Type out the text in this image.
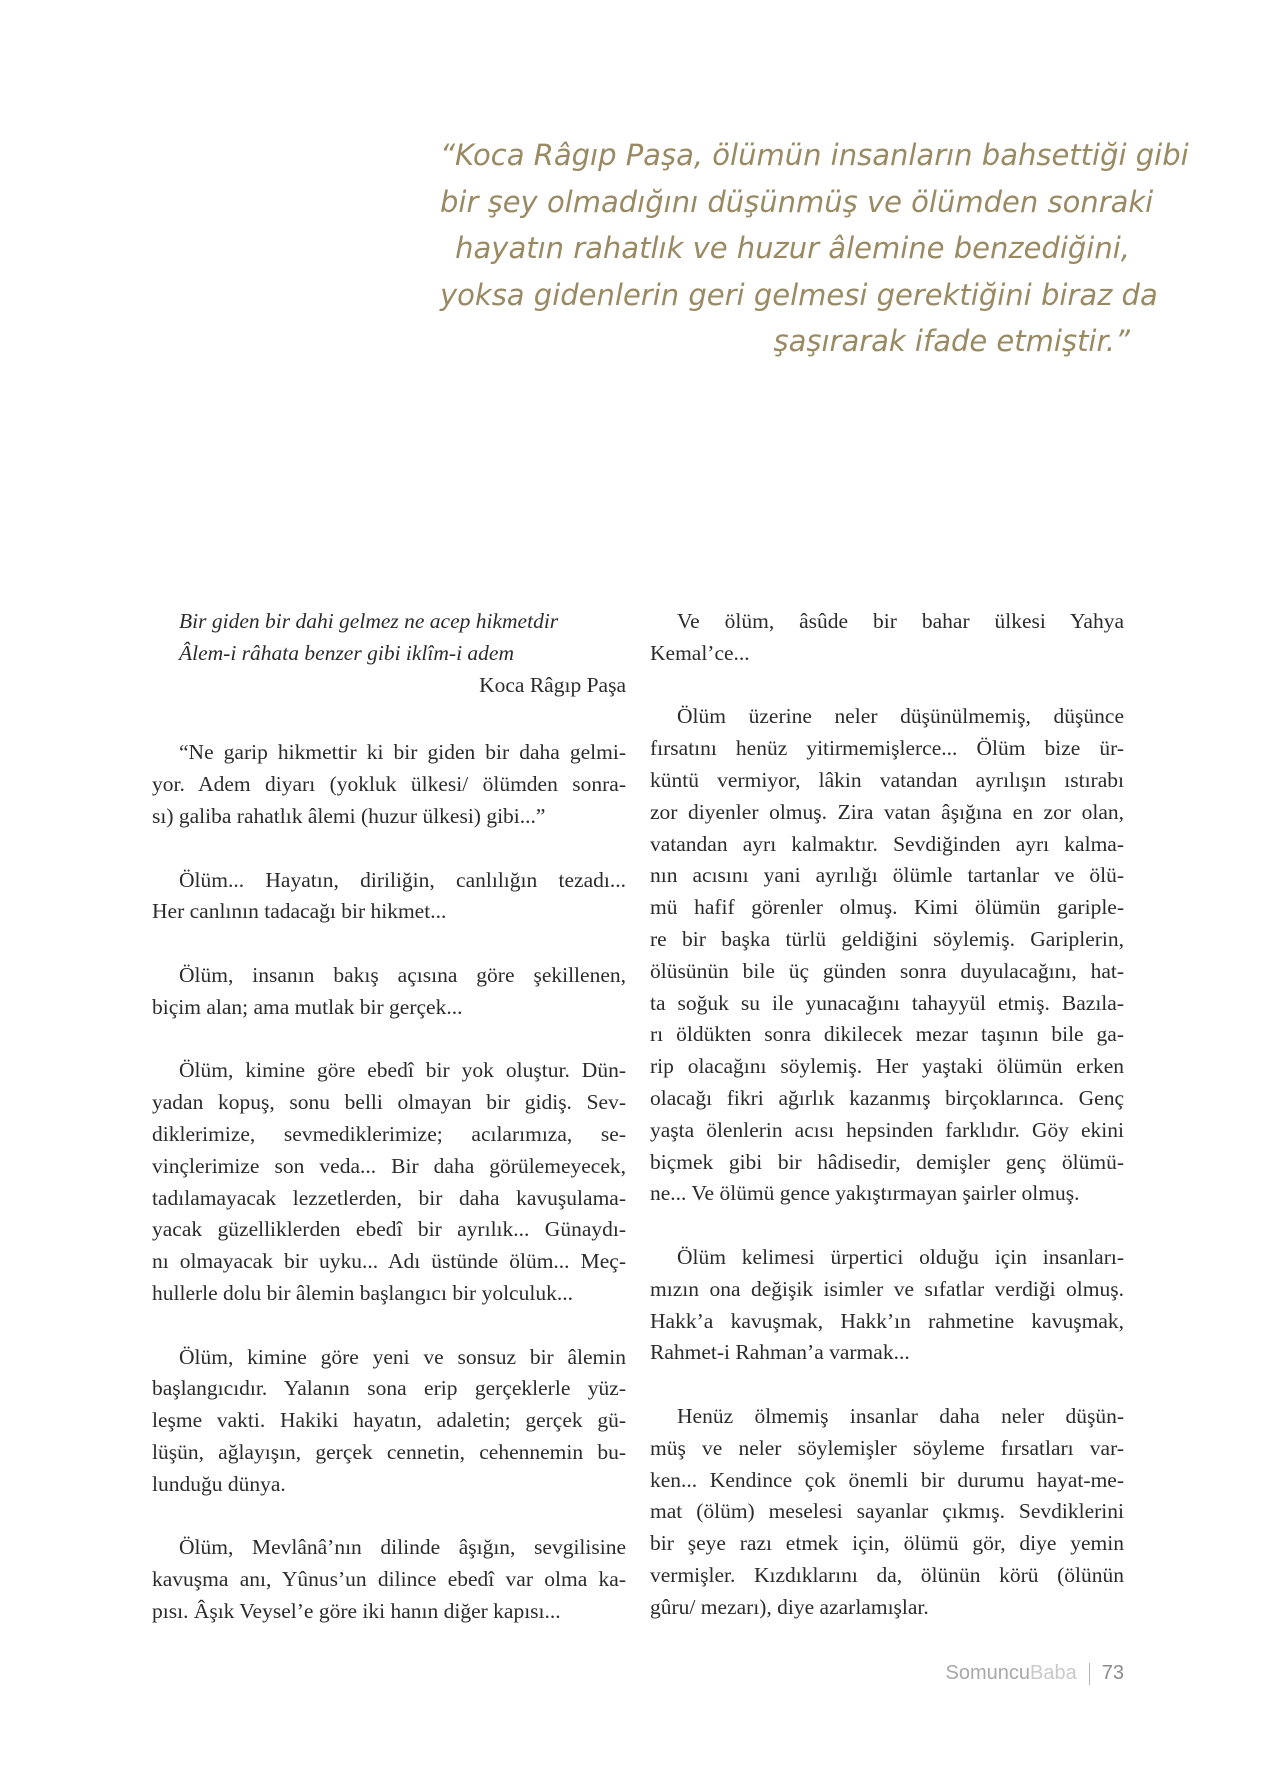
“Koca Râgıp Paşa, ölümün insanların bahsettiği gibi
bir şey olmadığını düşünmüş ve ölümden sonraki
hayatın rahatlık ve huzur âlemine benzediğini,
yoksa gidenlerin geri gelmesi gerektiğini biraz da
şaşırarak ifade etmiştir.”
Bir giden bir dahi gelmez ne acep hikmetdir
Âlem-i râhata benzer gibi iklîm-i adem
Koca Râgıp Paşa
“Ne garip hikmettir ki bir giden bir daha gelmi-
yor. Adem diyarı (yokluk ülkesi/ ölümden sonra-
sı) galiba rahatlık âlemi (huzur ülkesi) gibi...”
Ölüm... Hayatın, diriliğin, canlılığın tezadı...
Her canlının tadacağı bir hikmet...
Ölüm, insanın bakış açısına göre şekillenen,
biçim alan; ama mutlak bir gerçek...
Ölüm, kimine göre ebedî bir yok oluştur. Dün-
yadan kopuş, sonu belli olmayan bir gidiş. Sev-
diklerimize, sevmediklerimize; acılarımıza, se-
vinçlerimize son veda... Bir daha görülemeyecek,
tadılamayacak lezzetlerden, bir daha kavuşulama-
yacak güzelliklerden ebedî bir ayrılık... Günaydı-
nı olmayacak bir uyku... Adı üstünde ölüm... Meç-
hullerle dolu bir âlemin başlangıcı bir yolculuk...
Ölüm, kimine göre yeni ve sonsuz bir âlemin
başlangıcıdır. Yalanın sona erip gerçeklerle yüz-
leşme vakti. Hakiki hayatın, adaletin; gerçek gü-
lüşün, ağlayışın, gerçek cennetin, cehennemin bu-
lunduğu dünya.
Ölüm, Mevlânâ’nın dilinde âşığın, sevgilisine
kavuşma anı, Yûnus’un dilince ebedî var olma ka-
pısı. Âşık Veysel’e göre iki hanın diğer kapısı...
Ve ölüm, âsûde bir bahar ülkesi Yahya
Kemal’ce...
Ölüm üzerine neler düşünülmemiş, düşünce
fırsatını henüz yitirmemişlerce... Ölüm bize ür-
küntü vermiyor, lâkin vatandan ayrılışın ıstırabı
zor diyenler olmuş. Zira vatan âşığına en zor olan,
vatandan ayrı kalmaktır. Sevdiğinden ayrı kalma-
nın acısını yani ayrılığı ölümle tartanlar ve ölü-
mü hafif görenler olmuş. Kimi ölümün gariple-
re bir başka türlü geldiğini söylemiş. Gariplerin,
ölüsünün bile üç günden sonra duyulacağını, hat-
ta soğuk su ile yunacağını tahayyül etmiş. Bazıla-
rı öldükten sonra dikilecek mezar taşının bile ga-
rip olacağını söylemiş. Her yaştaki ölümün erken
olacağı fikri ağırlık kazanmış birçoklarınca. Genç
yaşta ölenlerin acısı hepsinden farklıdır. Göy ekini
biçmek gibi bir hâdisedir, demişler genç ölümü-
ne... Ve ölümü gence yakıştırmayan şairler olmuş.
Ölüm kelimesi ürpertici olduğu için insanları-
mızın ona değişik isimler ve sıfatlar verdiği olmuş.
Hakk’a kavuşmak, Hakk’ın rahmetine kavuşmak,
Rahmet-i Rahman’a varmak...
Henüz ölmemiş insanlar daha neler düşün-
müş ve neler söylemişler söyleme fırsatları var-
ken... Kendince çok önemli bir durumu hayat-me-
mat (ölüm) meselesi sayanlar çıkmış. Sevdiklerini
bir şeye razı etmek için, ölümü gör, diye yemin
vermişler. Kızdıklarını da, ölünün körü (ölünün
gûru/ mezarı), diye azarlamışlar.
SomuncuBaba 73
